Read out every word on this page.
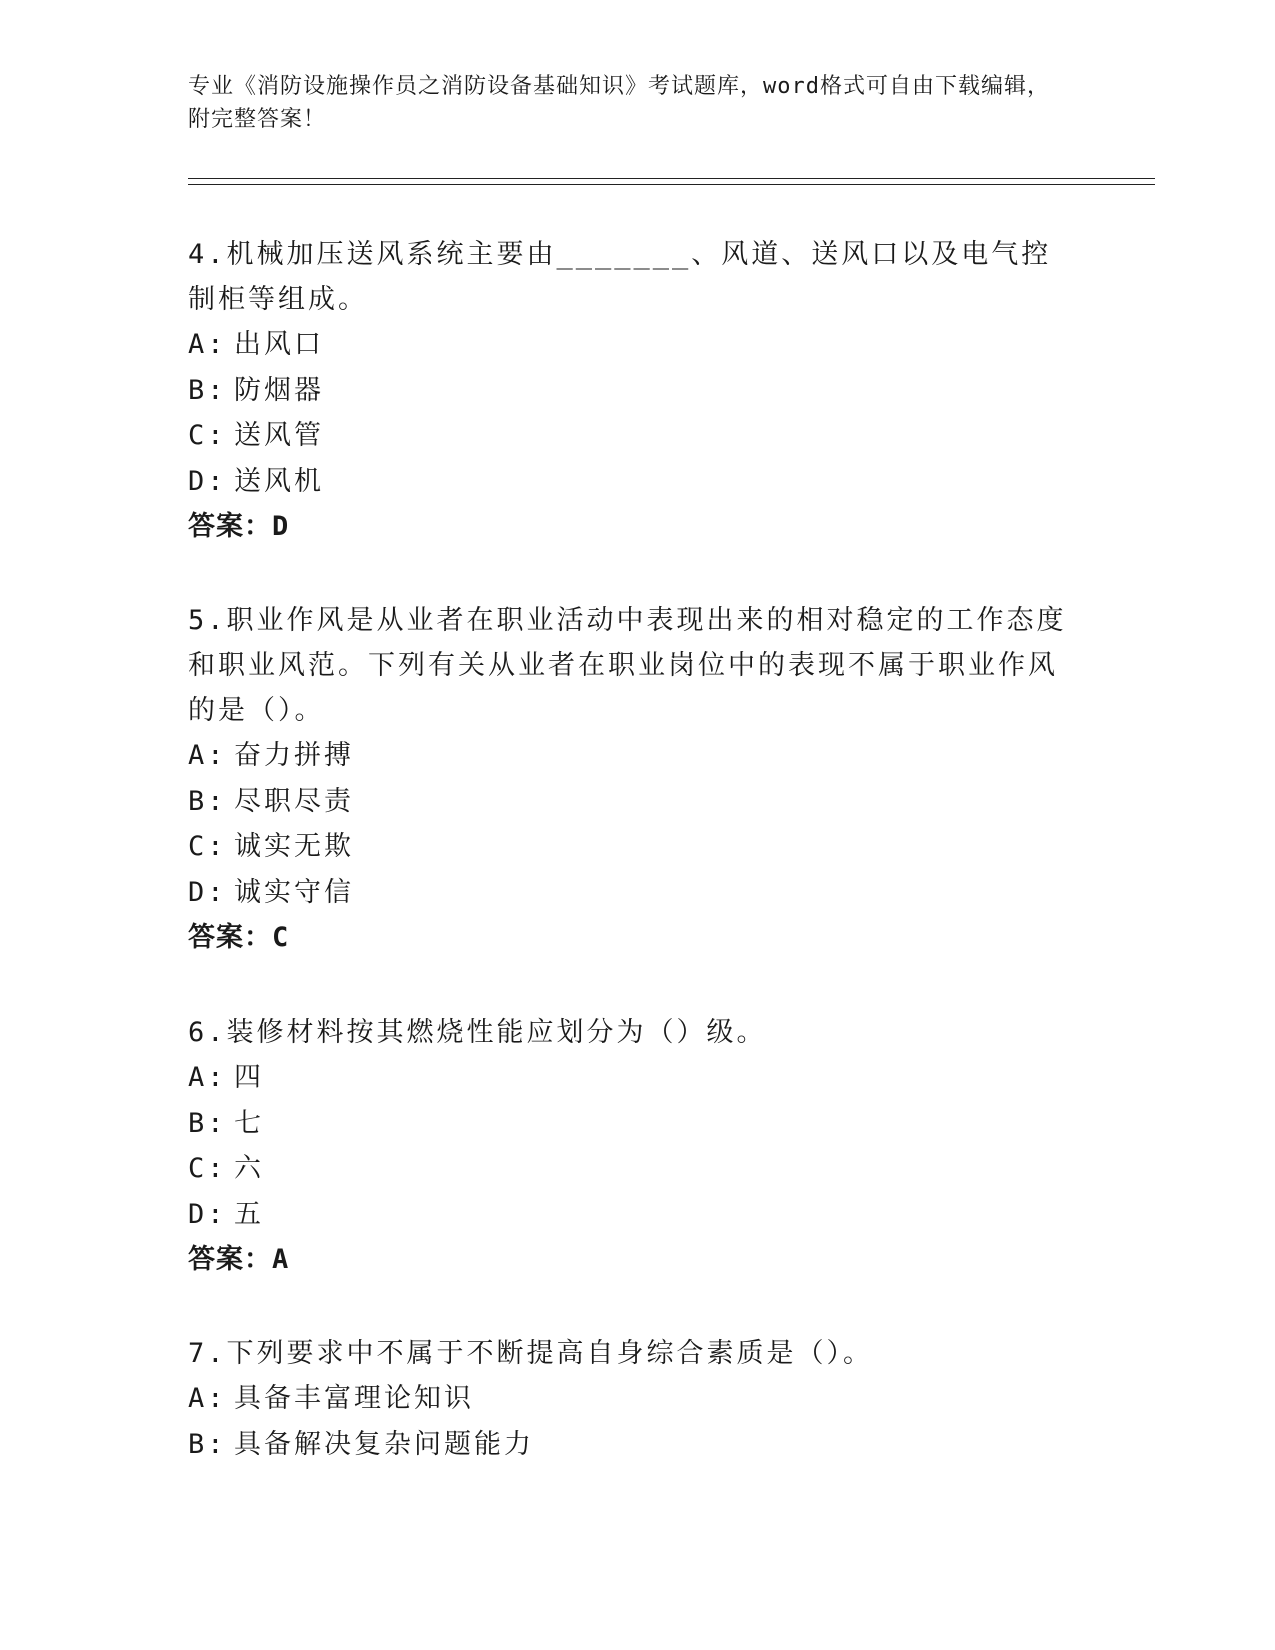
专业《消防设施操作员之消防设备基础知识》考试题库，word格式可自由下载编辑，附完整答案！
4.机械加压送风系统主要由_______、风道、送风口以及电气控制柜等组成。
A: 出风口
B: 防烟器
C: 送风管
D: 送风机
答案：D
5.职业作风是从业者在职业活动中表现出来的相对稳定的工作态度和职业风范。下列有关从业者在职业岗位中的表现不属于职业作风的是（）。
A: 奋力拼搏
B: 尽职尽责
C: 诚实无欺
D: 诚实守信
答案：C
6.装修材料按其燃烧性能应划分为（）级。
A: 四
B: 七
C: 六
D: 五
答案：A
7.下列要求中不属于不断提高自身综合素质是（）。
A: 具备丰富理论知识
B: 具备解决复杂问题能力
